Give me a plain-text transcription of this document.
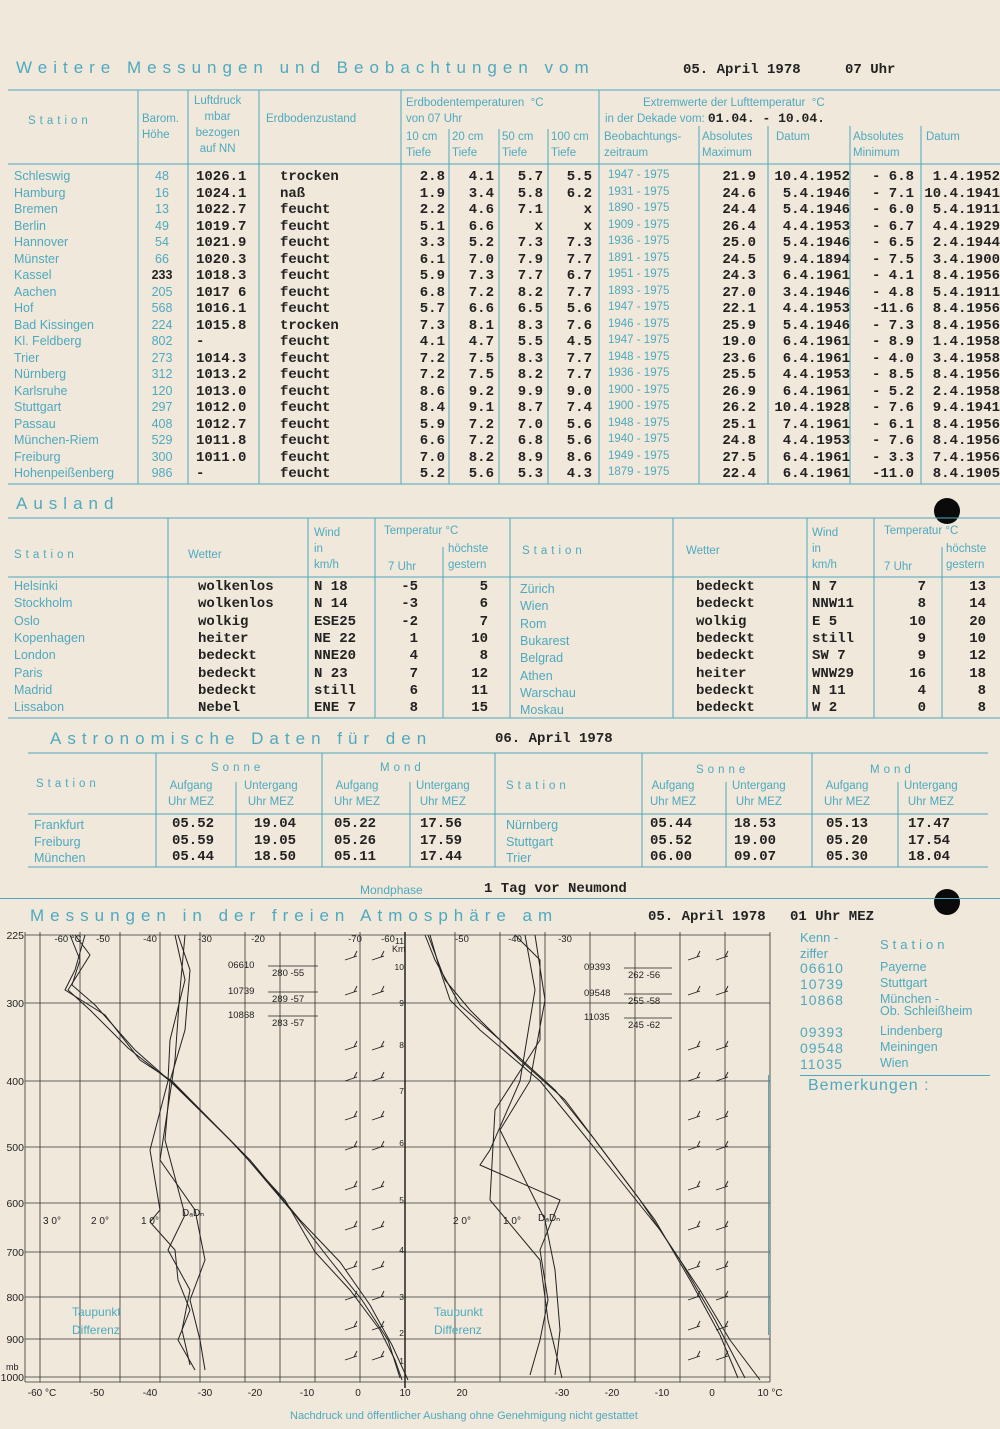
Weitere Messungen und Beobachtungen vom	05. April 1978	07 Uhr
Station	Barom.
Höhe
Luftdruck
mbar
bezogen
auf NN
Erdbodenzustand
Erdbodentemperaturen °C
von 07 Uhr
10 cm
Tiefe
20 cm
Tiefe
50 cm
Tiefe
100 cm
Tiefe
Extremwerte der Lufttemperatur °C
in der Dekade vom: 01.04. - 10.04.
Beobachtungs-
zeitraum
Absolutes
Maximum
Datum	Absolutes
Minimum
Datum
Schleswig	48	1026.1 trocken	2.8	4.1	5.7	5.5 1947 - 1975	21.9	10.4.1952	- 6.8	1.4.1952
Hamburg	16	1024.1 naß	1.9	3.4	5.8	6.2 1931 - 1975	24.6	5.4.1946	- 7.1 10.4.1941
Bremen	13	1022.7 feucht	2.2	4.6	7.1	x 1890 - 1975	24.4	5.4.1946	- 6.0	5.4.1911
Berlin	49	1019.7 feucht	5.1	6.6	x	x 1909 - 1975	26.4	4.4.1953	- 6.7	4.4.1929
Hannover	54	1021.9 feucht	3.3	5.2	7.3	7.3 1936 - 1975	25.0	5.4.1946	- 6.5	2.4.1944
Münster	66	1020.3 feucht	6.1	7.0	7.9	7.7 1891 - 1975	24.5	9.4.1894	- 7.5	3.4.1900
Kassel	233	1018.3 feucht	5.9	7.3	7.7	6.7 1951 - 1975	24.3	6.4.1961	- 4.1	8.4.1956
Aachen	205	1017 6 feucht	6.8	7.2	8.2	7.7 1893 - 1975	27.0	3.4.1946	- 4.8	5.4.1911
Hof	568	1016.1 feucht	5.7	6.6	6.5	5.6 1947 - 1975	22.1	4.4.1953	-11.6	8.4.1956
Bad Kissingen	224	1015.8 trocken	7.3	8.1	8.3	7.6 1946 - 1975	25.9	5.4.1946	- 7.3	8.4.1956
Kl. Feldberg	802	-	feucht	4.1	4.7	5.5	4.5 1947 - 1975	19.0	6.4.1961	- 8.9	1.4.1958
Trier	273	1014.3 feucht	7.2	7.5	8.3	7.7 1948 - 1975	23.6	6.4.1961	- 4.0	3.4.1958
Nürnberg	312	1013.2 feucht	7.2	7.5	8.2	7.7 1936 - 1975	25.5	4.4.1953	- 8.5	8.4.1956
Karlsruhe	120	1013.0 feucht	8.6	9.2	9.9	9.0 1900 - 1975	26.9	6.4.1961	- 5.2	2.4.1958
Stuttgart	297	1012.0 feucht	8.4	9.1	8.7	7.4 1900 - 1975	26.2	10.4.1928	- 7.6	9.4.1941
Passau	408	1012.7 feucht	5.9	7.2	7.0	5.6 1948 - 1975	25.1	7.4.1961	- 6.1	8.4.1956
München-Riem	529	1011.8 feucht	6.6	7.2	6.8	5.6 1940 - 1975	24.8	4.4.1953	- 7.6	8.4.1956
Freiburg	300	1011.0 feucht	7.0	8.2	8.9	8.6 1949 - 1975	27.5	6.4.1961	- 3.3	7.4.1956
Hohenpeißenberg	986	-	feucht	5.2	5.6	5.3	4.3 1879 - 1975	22.4	6.4.1961	-11.0	8.4.1905
Ausland
Station	Wetter
Wind
in
km/h
Temperatur °C
7 Uhr
höchste
gestern
Station	Wetter
Wind
in
km/h
Temperatur °C
7 Uhr
höchste
gestern
Helsinki	wolkenlos	N 18	-5	5
Stockholm	wolkenlos	N 14	-3	6
Oslo	wolkig	ESE25	-2	7
Kopenhagen	heiter	NE 22	1	10
London	bedeckt	NNE20	4	8
Paris	bedeckt	N 23	7	12
Madrid	bedeckt	still	6	11
Lissabon	Nebel	ENE 7	8	15
Zürich	bedeckt	N 7	7	13
Wien	bedeckt	NNW11	8	14
Rom	wolkig	E 5	10	20
Bukarest	bedeckt	still	9	10
Belgrad	bedeckt	SW 7	9	12
Athen	heiter	WNW29	16	18
Warschau	bedeckt	N 11	4	8
Moskau	bedeckt	W 2	0	8
Astronomische Daten für den	06. April 1978
Station
Sonne	Mond
Aufgang
Uhr MEZ
Untergang
Uhr MEZ
Aufgang
Uhr MEZ
Untergang
Uhr MEZ
Station
Sonne	Mond
Aufgang
Uhr MEZ
Untergang
Uhr MEZ
Aufgang
Uhr MEZ
Untergang
Uhr MEZ
Frankfurt	05.52	19.04	05.22	17.56
Freiburg	05.59	19.05	05.26	17.59
München	05.44	18.50	05.11	17.44
Nürnberg	05.44	18.53	05.13	17.47
Stuttgart	05.52	19.00	05.20	17.54
Trier	06.00	09.07	05.30	18.04
Mondphase	1 Tag vor Neumond
Messungen in der freien Atmosphäre am	05. April 1978 01 Uhr MEZ
225
300
400
500
600
700
800
900
1000
mb
-60 °C	-50	-40	-30	-20	-10	0	10	20	-30	-20	-10	0	10 °C
-60 °C -50	-40	-30	-20	-70 -60	-50	-40	-30
3 0°	2 0°	1 0°	2 0°	1 0°
Km
11
10
9
8
7
6
5
4
3
2
1
Taupunkt
Differenz
Taupunkt
Differenz
DₐDₙ	DₐDₙ
06610
280 -55
10739
289 -57
10868
283 -57
09393
262 -56
09548
255 -58
11035
245 -62
Kenn -
ziffer
Station
06610	Payerne
10739	Stuttgart
10868	München -
Ob. Schleißheim
09393	Lindenberg
09548	Meiningen
11035	Wien
Bemerkungen :
Nachdruck und öffentlicher Aushang ohne Genehmigung nicht gestattet
